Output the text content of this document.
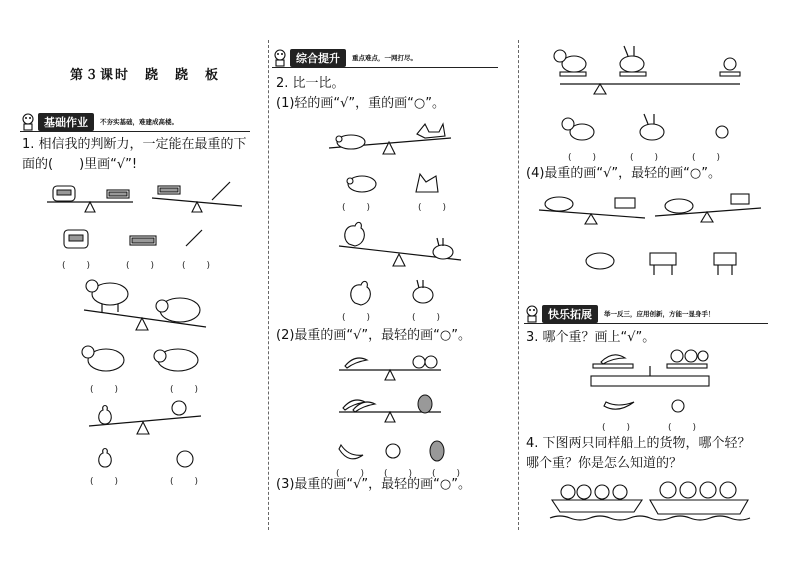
第３课时　跷　跷　板
基础作业	不夯实基础，难建成高楼。
1. 相信我的判断力，一定能在最重的下
面的(　　)里画“√”!
(　　)	(　　)	(　　)
(　　)	(　　)
(　　)	(　　)
综合提升	重点难点，一网打尽。
2. 比一比。
(1)轻的画“√”，重的画“○”。
(　　)	(　　)
(　　)	(　　)
(2)最重的画“√”，最轻的画“○”。
(　　) (　　) (　　)
(3)最重的画“√”，最轻的画“○”。
(　　)	(　　)	(　　)
(4)最重的画“√”，最轻的画“○”。
快乐拓展	举一反三，应用创新，方能一显身手！
3. 哪个重？画上“√”。
(　　)	(　　)
4. 下图两只同样船上的货物，哪个轻？
哪个重？你是怎么知道的？
